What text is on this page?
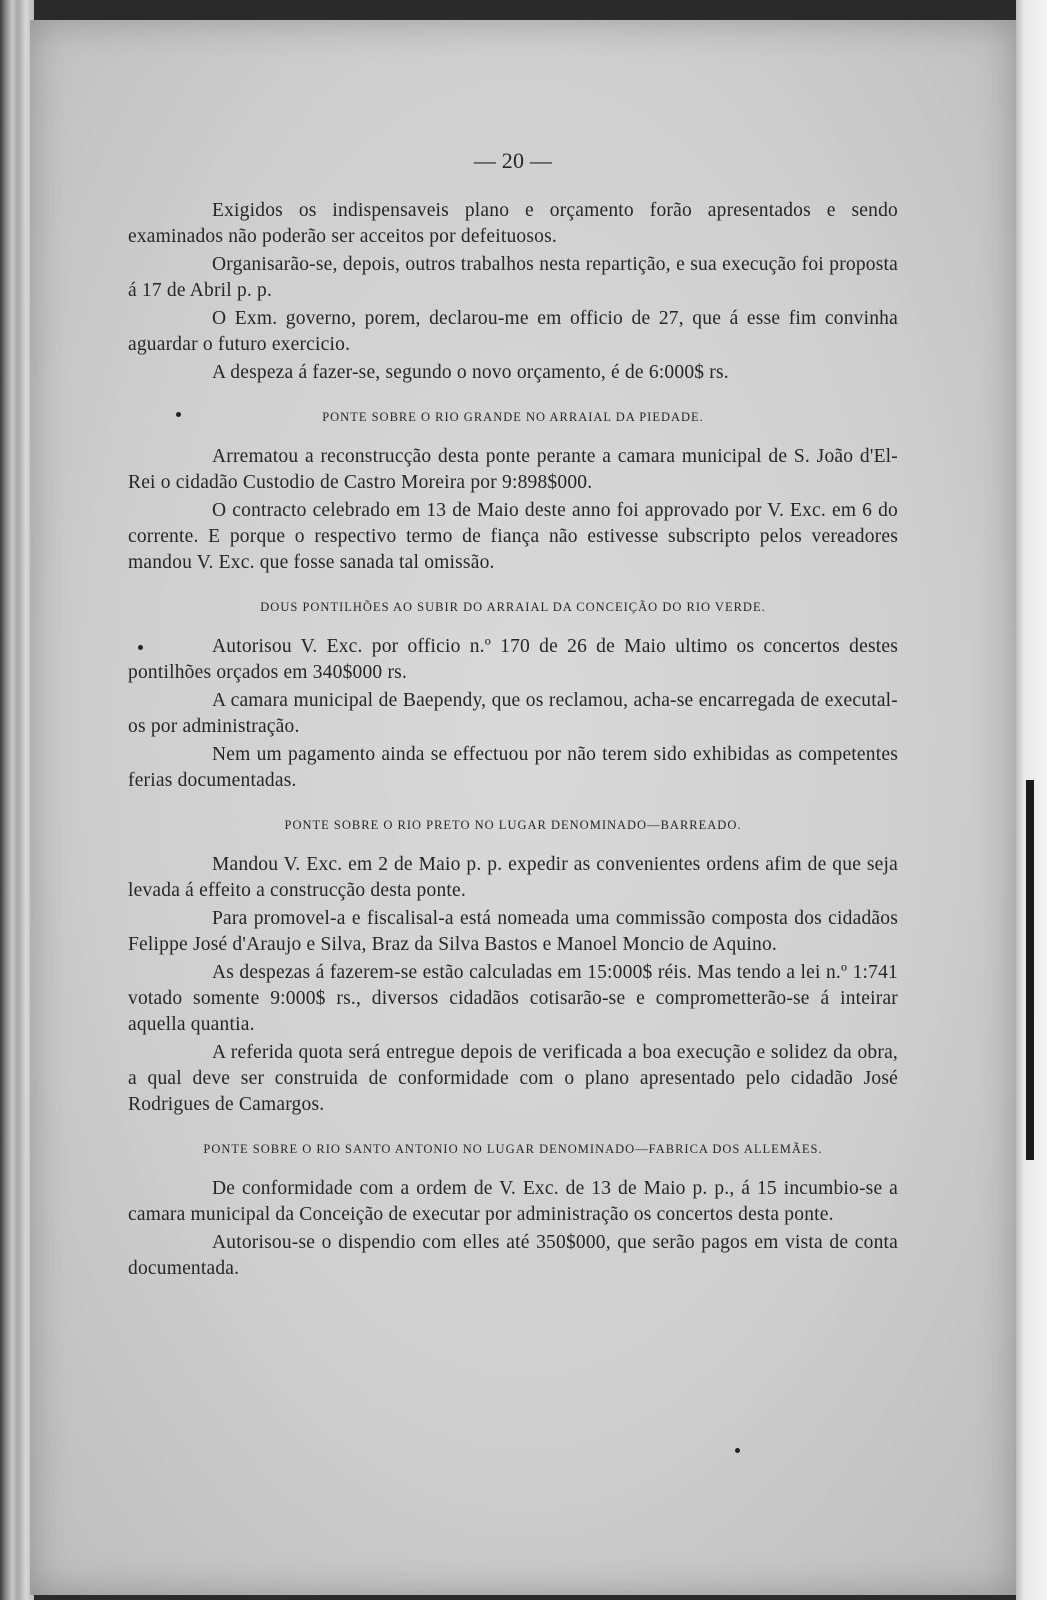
— 20 —

Exigidos os indispensaveis plano e orçamento forão apresentados e sendo examinados não poderão ser acceitos por defeituosos.

Organisarão-se, depois, outros trabalhos nesta repartição, e sua execução foi proposta á 17 de Abril p. p.

O Exm. governo, porem, declarou-me em officio de 27, que á esse fim convinha aguardar o futuro exercicio.

A despeza á fazer-se, segundo o novo orçamento, é de 6:000$ rs.

PONTE SOBRE O RIO GRANDE NO ARRAIAL DA PIEDADE.

Arrematou a reconstrucção desta ponte perante a camara municipal de S. João d'El-Rei o cidadão Custodio de Castro Moreira por 9:898$000.

O contracto celebrado em 13 de Maio deste anno foi approvado por V. Exc. em 6 do corrente. E porque o respectivo termo de fiança não estivesse subscripto pelos vereadores mandou V. Exc. que fosse sanada tal omissão.

DOUS PONTILHÕES AO SUBIR DO ARRAIAL DA CONCEIÇÃO DO RIO VERDE.

Autorisou V. Exc. por officio n.º 170 de 26 de Maio ultimo os concertos destes pontilhões orçados em 340$000 rs.

A camara municipal de Baependy, que os reclamou, acha-se encarregada de executal-os por administração.

Nem um pagamento ainda se effectuou por não terem sido exhibidas as competentes ferias documentadas.

PONTE SOBRE O RIO PRETO NO LUGAR DENOMINADO—BARREADO.

Mandou V. Exc. em 2 de Maio p. p. expedir as convenientes ordens afim de que seja levada á effeito a construcção desta ponte.

Para promovel-a e fiscalisal-a está nomeada uma commissão composta dos cidadãos Felippe José d'Araujo e Silva, Braz da Silva Bastos e Manoel Moncio de Aquino.

As despezas á fazerem-se estão calculadas em 15:000$ réis. Mas tendo a lei n.º 1:741 votado somente 9:000$ rs., diversos cidadãos cotisarão-se e comprometterão-se á inteirar aquella quantia.

A referida quota será entregue depois de verificada a boa execução e solidez da obra, a qual deve ser construida de conformidade com o plano apresentado pelo cidadão José Rodrigues de Camargos.

PONTE SOBRE O RIO SANTO ANTONIO NO LUGAR DENOMINADO—FABRICA DOS ALLEMÃES.

De conformidade com a ordem de V. Exc. de 13 de Maio p. p., á 15 incumbio-se a camara municipal da Conceição de executar por administração os concertos desta ponte.

Autorisou-se o dispendio com elles até 350$000, que serão pagos em vista de conta documentada.
